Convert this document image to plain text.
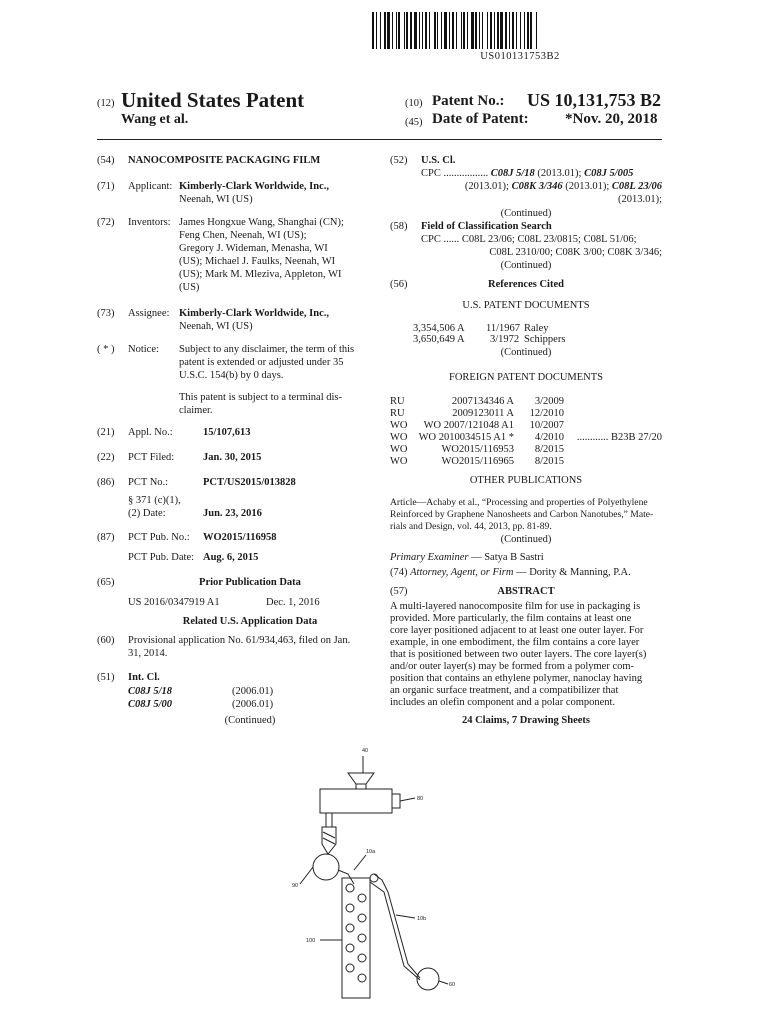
US010131753B2
(12) United States Patent
Wang et al.
(10) Patent No.: US 10,131,753 B2
(45) Date of Patent: *Nov. 20, 2018
(54) NANOCOMPOSITE PACKAGING FILM
(71) Applicant: Kimberly-Clark Worldwide, Inc.,
Neenah, WI (US)
(72) Inventors: James Hongxue Wang, Shanghai (CN);
Feng Chen, Neenah, WI (US);
Gregory J. Wideman, Menasha, WI
(US); Michael J. Faulks, Neenah, WI
(US); Mark M. Mleziva, Appleton, WI
(US)
(73) Assignee: Kimberly-Clark Worldwide, Inc.,
Neenah, WI (US)
( * ) Notice: Subject to any disclaimer, the term of this
patent is extended or adjusted under 35
U.S.C. 154(b) by 0 days.
This patent is subject to a terminal dis-
claimer.
(21) Appl. No.:	15/107,613
(22) PCT Filed:	Jan. 30, 2015
(86) PCT No.:	PCT/US2015/013828
§ 371 (c)(1),
(2) Date:	Jun. 23, 2016
(87) PCT Pub. No.: WO2015/116958
PCT Pub. Date: Aug. 6, 2015
(65)	Prior Publication Data
US 2016/0347919 A1	Dec. 1, 2016
Related U.S. Application Data
(60) Provisional application No. 61/934,463, filed on Jan.
31, 2014.
(51) Int. Cl.
C08J 5/18	(2006.01)
C08J 5/00	(2006.01)
(Continued)
(52) U.S. Cl.
CPC ................. C08J 5/18 (2013.01); C08J 5/005
(2013.01); C08K 3/346 (2013.01); C08L 23/06
(2013.01);
(Continued)
(58) Field of Classification Search
CPC ...... C08L 23/06; C08L 23/0815; C08L 51/06;
C08L 2310/00; C08K 3/00; C08K 3/346;
(Continued)
(56)	References Cited
U.S. PATENT DOCUMENTS
3,354,506 A 11/1967 Raley
3,650,649 A 3/1972 Schippers
(Continued)
FOREIGN PATENT DOCUMENTS
RU	2007134346 A	3/2009
RU	2009123011 A 12/2010
WO	WO 2007/121048 A1 10/2007
WO	WO 2010034515 A1 *	4/2010	............ B23B 27/20
WO	WO2015/116953	8/2015
WO	WO2015/116965	8/2015
OTHER PUBLICATIONS
Article—Achaby et al., “Processing and properties of Polyethylene
Reinforced by Graphene Nanosheets and Carbon Nanotubes,” Mate-
rials and Design, vol. 44, 2013, pp. 81-89.
(Continued)
Primary Examiner — Satya B Sastri
(74) Attorney, Agent, or Firm — Dority & Manning, P.A.
(57)	ABSTRACT
A multi-layered nanocomposite film for use in packaging is
provided. More particularly, the film contains at least one
core layer positioned adjacent to at least one outer layer. For
example, in one embodiment, the film contains a core layer
that is positioned between two outer layers. The core layer(s)
and/or outer layer(s) may be formed from a polymer com-
position that contains an ethylene polymer, nanoclay having
an organic surface treatment, and a compatibilizer that
includes an olefin component and a polar component.
24 Claims, 7 Drawing Sheets
40
80
90
10a
10b
100
60
